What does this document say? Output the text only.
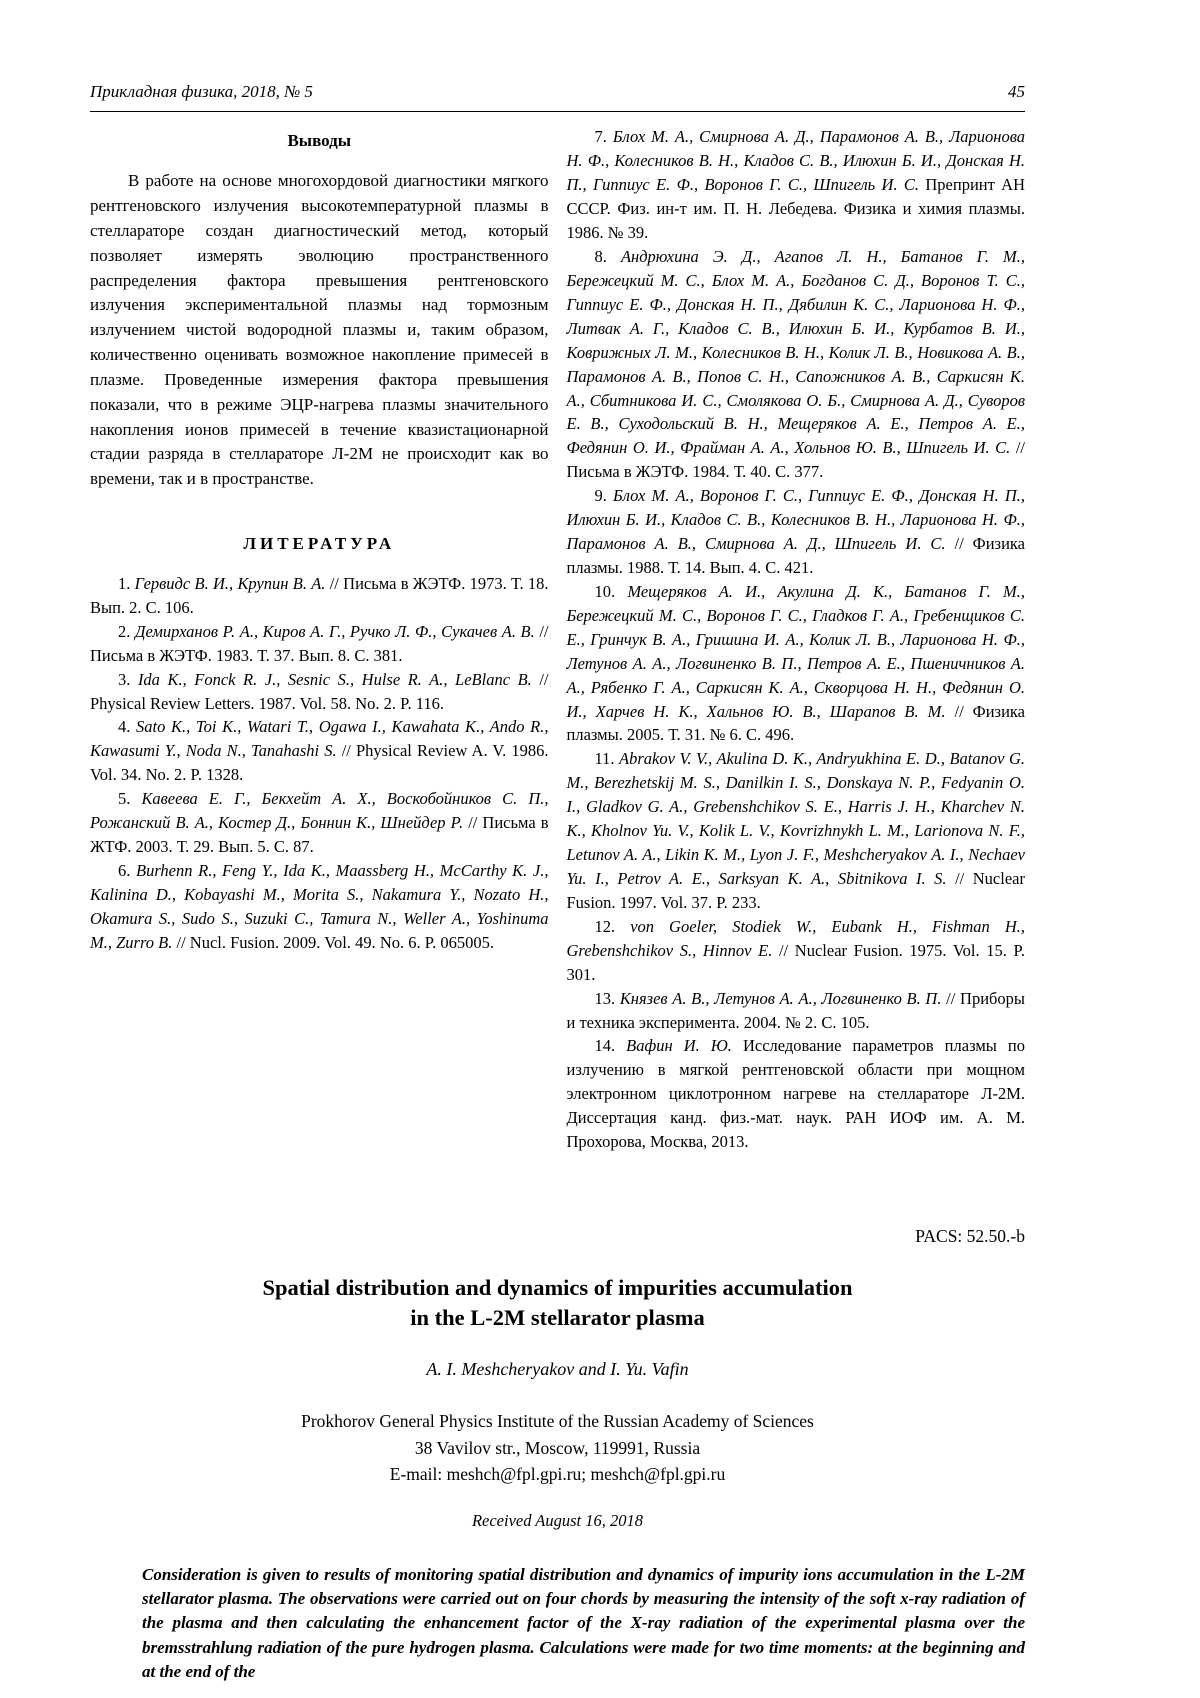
Прикладная физика, 2018, № 5	45
Выводы

В работе на основе многохордовой диагностики мягкого рентгеновского излучения высокотемпературной плазмы в стеллараторе создан диагностический метод, который позволяет измерять эволюцию пространственного распределения фактора превышения рентгеновского излучения экспериментальной плазмы над тормозным излучением чистой водородной плазмы и, таким образом, количественно оценивать возможное накопление примесей в плазме. Проведенные измерения фактора превышения показали, что в режиме ЭЦР-нагрева плазмы значительного накопления ионов примесей в течение квазистационарной стадии разряда в стеллараторе Л-2М не происходит как во времени, так и в пространстве.

ЛИТЕРАТУРА

1. Гервидс В. И., Крупин В. А. // Письма в ЖЭТФ. 1973. Т. 18. Вып. 2. С. 106.

2. Демирханов Р. А., Киров А. Г., Ручко Л. Ф., Сукачев А. В. // Письма в ЖЭТФ. 1983. Т. 37. Вып. 8. С. 381.

3. Ida K., Fonck R. J., Sesnic S., Hulse R. A., LeBlanc B. // Physical Review Letters. 1987. Vol. 58. No. 2. P. 116.

4. Sato K., Toi K., Watari T., Ogawa I., Kawahata K., Ando R., Kawasumi Y., Noda N., Tanahashi S. // Physical Review A. V. 1986. Vol. 34. No. 2. P. 1328.

5. Кавеева Е. Г., Бекхейт А. Х., Воскобойников С. П., Рожанский В. А., Костер Д., Боннин К., Шнейдер Р. // Письма в ЖТФ. 2003. Т. 29. Вып. 5. С. 87.

6. Burhenn R., Feng Y., Ida K., Maassberg H., McCarthy K. J., Kalinina D., Kobayashi M., Morita S., Nakamura Y., Nozato H., Okamura S., Sudo S., Suzuki C., Tamura N., Weller A., Yoshinuma M., Zurro B. // Nucl. Fusion. 2009. Vol. 49. No. 6. P. 065005.

7. Блох М. А., Смирнова А. Д., Парамонов А. В., Ларионова Н. Ф., Колесников В. Н., Кладов С. В., Илюхин Б. И., Донская Н. П., Гиппиус Е. Ф., Воронов Г. С., Шпигель И. С. Препринт АН СССР. Физ. ин-т им. П. Н. Лебедева. Физика и химия плазмы. 1986. № 39.

8. Андрюхина Э. Д., Агапов Л. Н., Батанов Г. М., Бережецкий М. С., Блох М. А., Богданов С. Д., Воронов Т. С., Гиппиус Е. Ф., Донская Н. П., Дябилин К. С., Ларионова Н. Ф., Литвак А. Г., Кладов С. В., Илюхин Б. И., Курбатов В. И., Коврижных Л. М., Колесников В. Н., Колик Л. В., Новикова А. В., Парамонов А. В., Попов С. Н., Сапожников А. В., Саркисян К. А., Сбитникова И. С., Смолякова О. Б., Смирнова А. Д., Суворов Е. В., Суходольский В. Н., Мещеряков А. Е., Петров А. Е., Федянин О. И., Фрайман А. А., Хольнов Ю. В., Шпигель И. С. // Письма в ЖЭТФ. 1984. Т. 40. С. 377.

9. Блох М. А., Воронов Г. С., Гиппиус Е. Ф., Донская Н. П., Илюхин Б. И., Кладов С. В., Колесников В. Н., Ларионова Н. Ф., Парамонов А. В., Смирнова А. Д., Шпигель И. С. // Физика плазмы. 1988. Т. 14. Вып. 4. С. 421.

10. Мещеряков А. И., Акулина Д. К., Батанов Г. М., Бережецкий М. С., Воронов Г. С., Гладков Г. А., Гребенщиков С. Е., Гринчук В. А., Гришина И. А., Колик Л. В., Ларионова Н. Ф., Летунов А. А., Логвиненко В. П., Петров А. Е., Пшеничников А. А., Рябенко Г. А., Саркисян К. А., Скворцова Н. Н., Федянин О. И., Харчев Н. К., Хальнов Ю. В., Шарапов В. М. // Физика плазмы. 2005. Т. 31. № 6. С. 496.

11. Abrakov V. V., Akulina D. K., Andryukhina E. D., Batanov G. M., Berezhetskij M. S., Danilkin I. S., Donskaya N. P., Fedyanin O. I., Gladkov G. A., Grebenshchikov S. E., Harris J. H., Kharchev N. K., Kholnov Yu. V., Kolik L. V., Kovrizhnykh L. M., Larionova N. F., Letunov A. A., Likin K. M., Lyon J. F., Meshcheryakov A. I., Nechaev Yu. I., Petrov A. E., Sarksyan K. A., Sbitnikova I. S. // Nuclear Fusion. 1997. Vol. 37. P. 233.

12. von Goeler, Stodiek W., Eubank H., Fishman H., Grebenshchikov S., Hinnov E. // Nuclear Fusion. 1975. Vol. 15. P. 301.

13. Князев А. В., Летунов А. А., Логвиненко В. П. // Приборы и техника эксперимента. 2004. № 2. С. 105.

14. Вафин И. Ю. Исследование параметров плазмы по излучению в мягкой рентгеновской области при мощном электронном циклотронном нагреве на стеллараторе Л-2М. Диссертация канд. физ.-мат. наук. РАН ИОФ им. А. М. Прохорова, Москва, 2013.

PACS: 52.50.-b
Spatial distribution and dynamics of impurities accumulation
in the L-2M stellarator plasma
A. I. Meshcheryakov and I. Yu. Vafin
Prokhorov General Physics Institute of the Russian Academy of Sciences
38 Vavilov str., Moscow, 119991, Russia
E-mail: meshch@fpl.gpi.ru; meshch@fpl.gpi.ru
Received August 16, 2018

Consideration is given to results of monitoring spatial distribution and dynamics of impurity ions accumulation in the L-2M stellarator plasma. The observations were carried out on four chords by measuring the intensity of the soft x-ray radiation of the plasma and then calculating the enhancement factor of the X-ray radiation of the experimental plasma over the bremsstrahlung radiation of the pure hydrogen plasma. Calculations were made for two time moments: at the beginning and at the end of the
